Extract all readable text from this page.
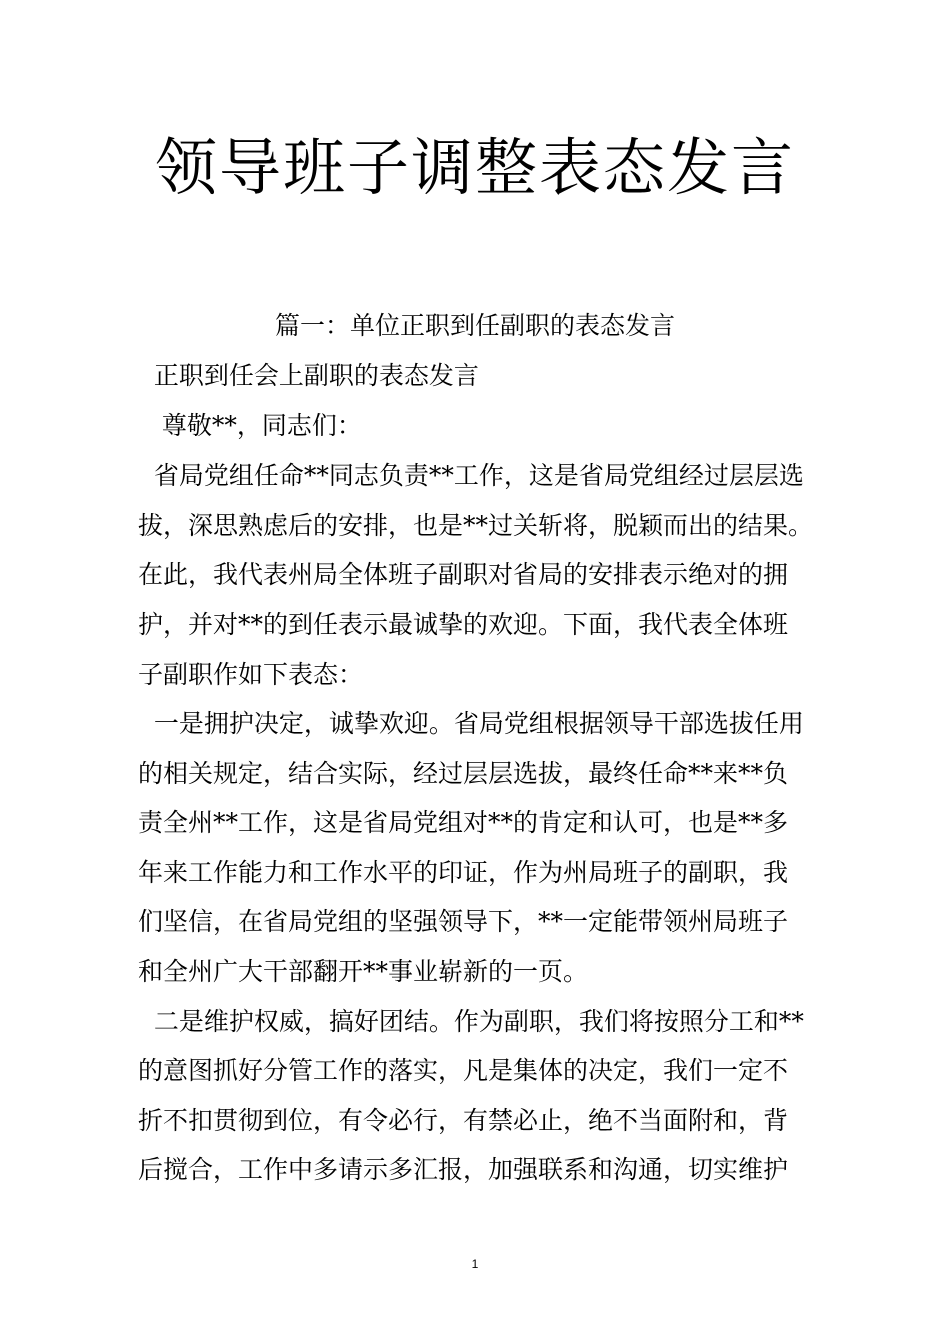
领导班子调整表态发言

篇一：单位正职到任副职的表态发言

正职到任会上副职的表态发言

尊敬**，同志们：

省局党组任命**同志负责**工作，这是省局党组经过层层选

拔，深思熟虑后的安排，也是**过关斩将，脱颖而出的结果。

在此，我代表州局全体班子副职对省局的安排表示绝对的拥

护，并对**的到任表示最诚挚的欢迎。下面，我代表全体班

子副职作如下表态：

一是拥护决定，诚挚欢迎。省局党组根据领导干部选拔任用

的相关规定，结合实际，经过层层选拔，最终任命**来**负

责全州**工作，这是省局党组对**的肯定和认可，也是**多

年来工作能力和工作水平的印证，作为州局班子的副职，我

们坚信，在省局党组的坚强领导下，**一定能带领州局班子

和全州广大干部翻开**事业崭新的一页。

二是维护权威，搞好团结。作为副职，我们将按照分工和**

的意图抓好分管工作的落实，凡是集体的决定，我们一定不

折不扣贯彻到位，有令必行，有禁必止，绝不当面附和，背

后搅合，工作中多请示多汇报，加强联系和沟通，切实维护

1
